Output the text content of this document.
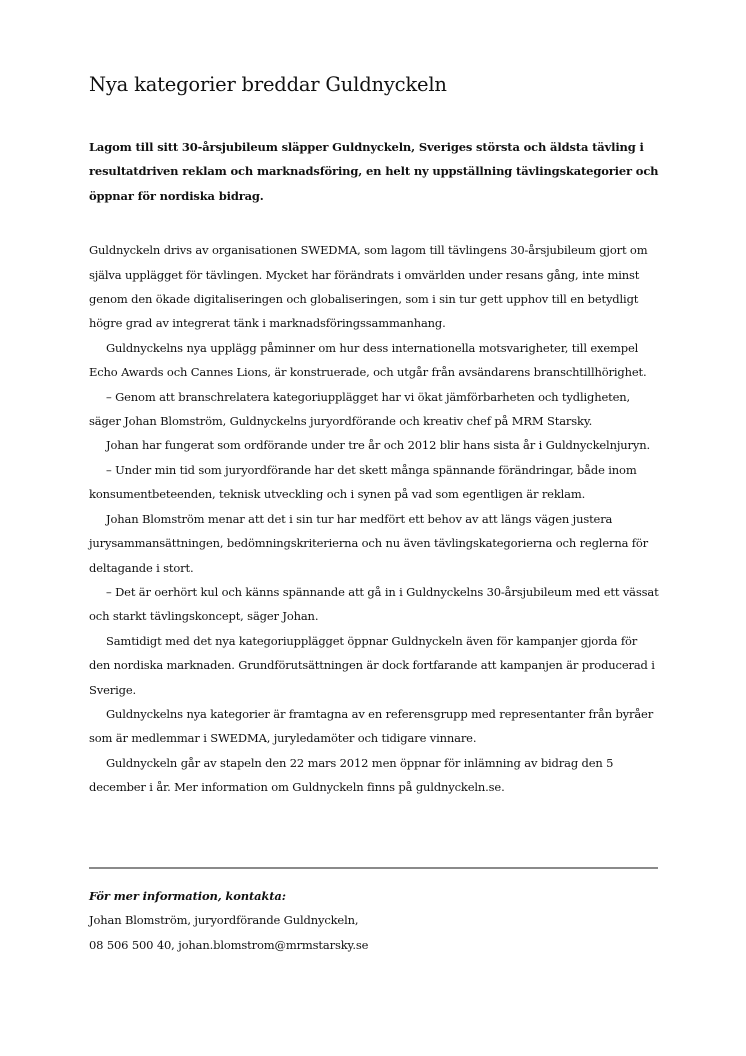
Nya kategorier breddar Guldnyckeln

Lagom till sitt 30-årsjubileum släpper Guldnyckeln, Sveriges största och äldsta tävling i resultatdriven reklam och marknadsföring, en helt ny uppställning tävlingskategorier och öppnar för nordiska bidrag.

Guldnyckeln drivs av organisationen SWEDMA, som lagom till tävlingens 30-årsjubileum gjort om själva upplägget för tävlingen. Mycket har förändrats i omvärlden under resans gång, inte minst genom den ökade digitaliseringen och globaliseringen, som i sin tur gett upphov till en betydligt högre grad av integrerat tänk i marknadsföringssammanhang.

Guldnyckelns nya upplägg påminner om hur dess internationella motsvarigheter, till exempel Echo Awards och Cannes Lions, är konstruerade, och utgår från avsändarens branschtillhörighet.

– Genom att branschrelatera kategoriupplägget har vi ökat jämförbarheten och tydligheten, säger Johan Blomström, Guldnyckelns juryordförande och kreativ chef på MRM Starsky.

Johan har fungerat som ordförande under tre år och 2012 blir hans sista år i Guldnyckelnjuryn.

– Under min tid som juryordförande har det skett många spännande förändringar, både inom konsumentbeteenden, teknisk utveckling och i synen på vad som egentligen är reklam.

Johan Blomström menar att det i sin tur har medfört ett behov av att längs vägen justera jurysammansättningen, bedömningskriterierna och nu även tävlingskategorierna och reglerna för deltagande i stort.

– Det är oerhört kul och känns spännande att gå in i Guldnyckelns 30-årsjubileum med ett vässat och starkt tävlingskoncept, säger Johan.

Samtidigt med det nya kategoriupplägget öppnar Guldnyckeln även för kampanjer gjorda för den nordiska marknaden. Grundförutsättningen är dock fortfarande att kampanjen är producerad i Sverige.

Guldnyckelns nya kategorier är framtagna av en referensgrupp med representanter från byråer som är medlemmar i SWEDMA, juryledamöter och tidigare vinnare.

Guldnyckeln går av stapeln den 22 mars 2012 men öppnar för inlämning av bidrag den 5 december i år. Mer information om Guldnyckeln finns på guldnyckeln.se.

För mer information, kontakta:

Johan Blomström, juryordförande Guldnyckeln,

08 506 500 40, johan.blomstrom@mrmstarsky.se
